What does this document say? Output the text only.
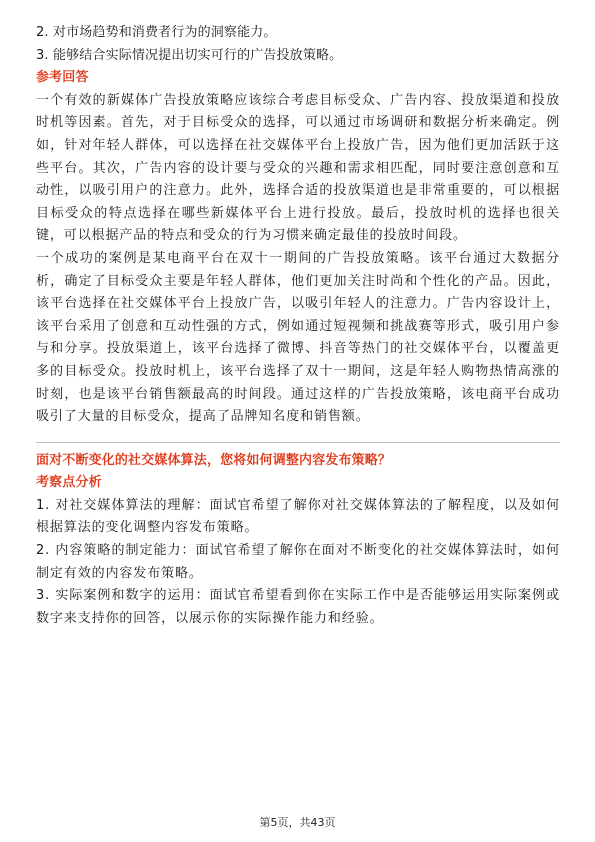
2. 对市场趋势和消费者行为的洞察能力。

3. 能够结合实际情况提出切实可行的广告投放策略。

参考回答

一个有效的新媒体广告投放策略应该综合考虑目标受众、广告内容、投放渠道和投放时机等因素。首先，对于目标受众的选择，可以通过市场调研和数据分析来确定。例如，针对年轻人群体，可以选择在社交媒体平台上投放广告，因为他们更加活跃于这些平台。其次，广告内容的设计要与受众的兴趣和需求相匹配，同时要注意创意和互动性，以吸引用户的注意力。此外，选择合适的投放渠道也是非常重要的，可以根据目标受众的特点选择在哪些新媒体平台上进行投放。最后，投放时机的选择也很关键，可以根据产品的特点和受众的行为习惯来确定最佳的投放时间段。

一个成功的案例是某电商平台在双十一期间的广告投放策略。该平台通过大数据分析，确定了目标受众主要是年轻人群体，他们更加关注时尚和个性化的产品。因此，该平台选择在社交媒体平台上投放广告，以吸引年轻人的注意力。广告内容设计上，该平台采用了创意和互动性强的方式，例如通过短视频和挑战赛等形式，吸引用户参与和分享。投放渠道上，该平台选择了微博、抖音等热门的社交媒体平台，以覆盖更多的目标受众。投放时机上，该平台选择了双十一期间，这是年轻人购物热情高涨的时刻，也是该平台销售额最高的时间段。通过这样的广告投放策略，该电商平台成功吸引了大量的目标受众，提高了品牌知名度和销售额。

面对不断变化的社交媒体算法，您将如何调整内容发布策略？

考察点分析

1. 对社交媒体算法的理解：面试官希望了解你对社交媒体算法的了解程度，以及如何根据算法的变化调整内容发布策略。

2. 内容策略的制定能力：面试官希望了解你在面对不断变化的社交媒体算法时，如何制定有效的内容发布策略。

3. 实际案例和数字的运用：面试官希望看到你在实际工作中是否能够运用实际案例或数字来支持你的回答，以展示你的实际操作能力和经验。

第5页，共43页
